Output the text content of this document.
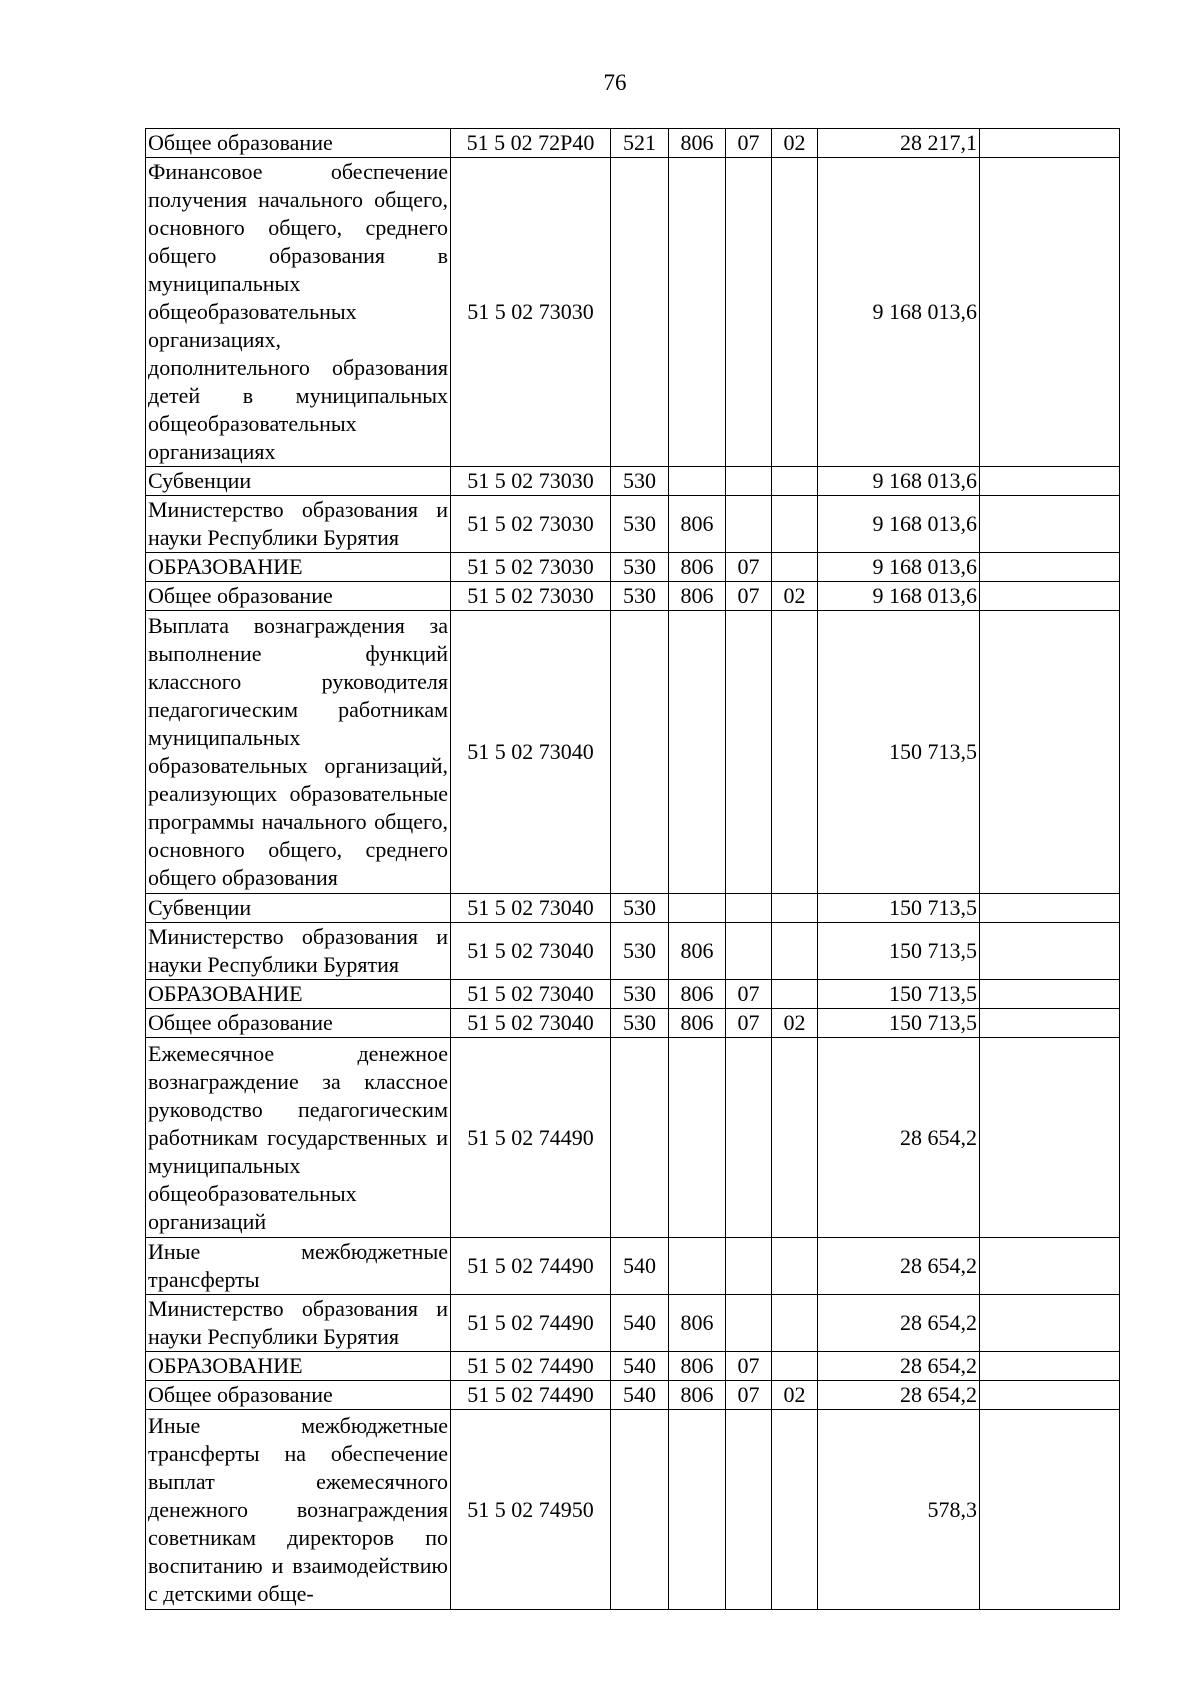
76
Общее образование	51 5 02 72Р40	521	806	07	02	28 217,1	
Финансовое обеспечение получения начального общего, основного общего, среднего общего образования в муниципальных общеобразовательных организациях, дополнительного образования детей в муниципальных общеобразовательных организациях	51 5 02 73030					9 168 013,6	
Субвенции	51 5 02 73030	530				9 168 013,6	
Министерство образования и науки Республики Бурятия	51 5 02 73030	530	806			9 168 013,6	
ОБРАЗОВАНИЕ	51 5 02 73030	530	806	07		9 168 013,6	
Общее образование	51 5 02 73030	530	806	07	02	9 168 013,6	
Выплата вознаграждения за выполнение функций классного руководителя педагогическим работникам муниципальных образовательных организаций, реализующих образовательные программы начального общего, основного общего, среднего общего образования	51 5 02 73040					150 713,5	
Субвенции	51 5 02 73040	530				150 713,5	
Министерство образования и науки Республики Бурятия	51 5 02 73040	530	806			150 713,5	
ОБРАЗОВАНИЕ	51 5 02 73040	530	806	07		150 713,5	
Общее образование	51 5 02 73040	530	806	07	02	150 713,5	
Ежемесячное денежное вознаграждение за классное руководство педагогическим работникам государственных и муниципальных общеобразовательных организаций	51 5 02 74490					28 654,2	
Иные межбюджетные трансферты	51 5 02 74490	540				28 654,2	
Министерство образования и науки Республики Бурятия	51 5 02 74490	540	806			28 654,2	
ОБРАЗОВАНИЕ	51 5 02 74490	540	806	07		28 654,2	
Общее образование	51 5 02 74490	540	806	07	02	28 654,2	
Иные межбюджетные трансферты на обеспечение выплат ежемесячного денежного вознаграждения советникам директоров по воспитанию и взаимодействию с детскими обще-	51 5 02 74950					578,3	
